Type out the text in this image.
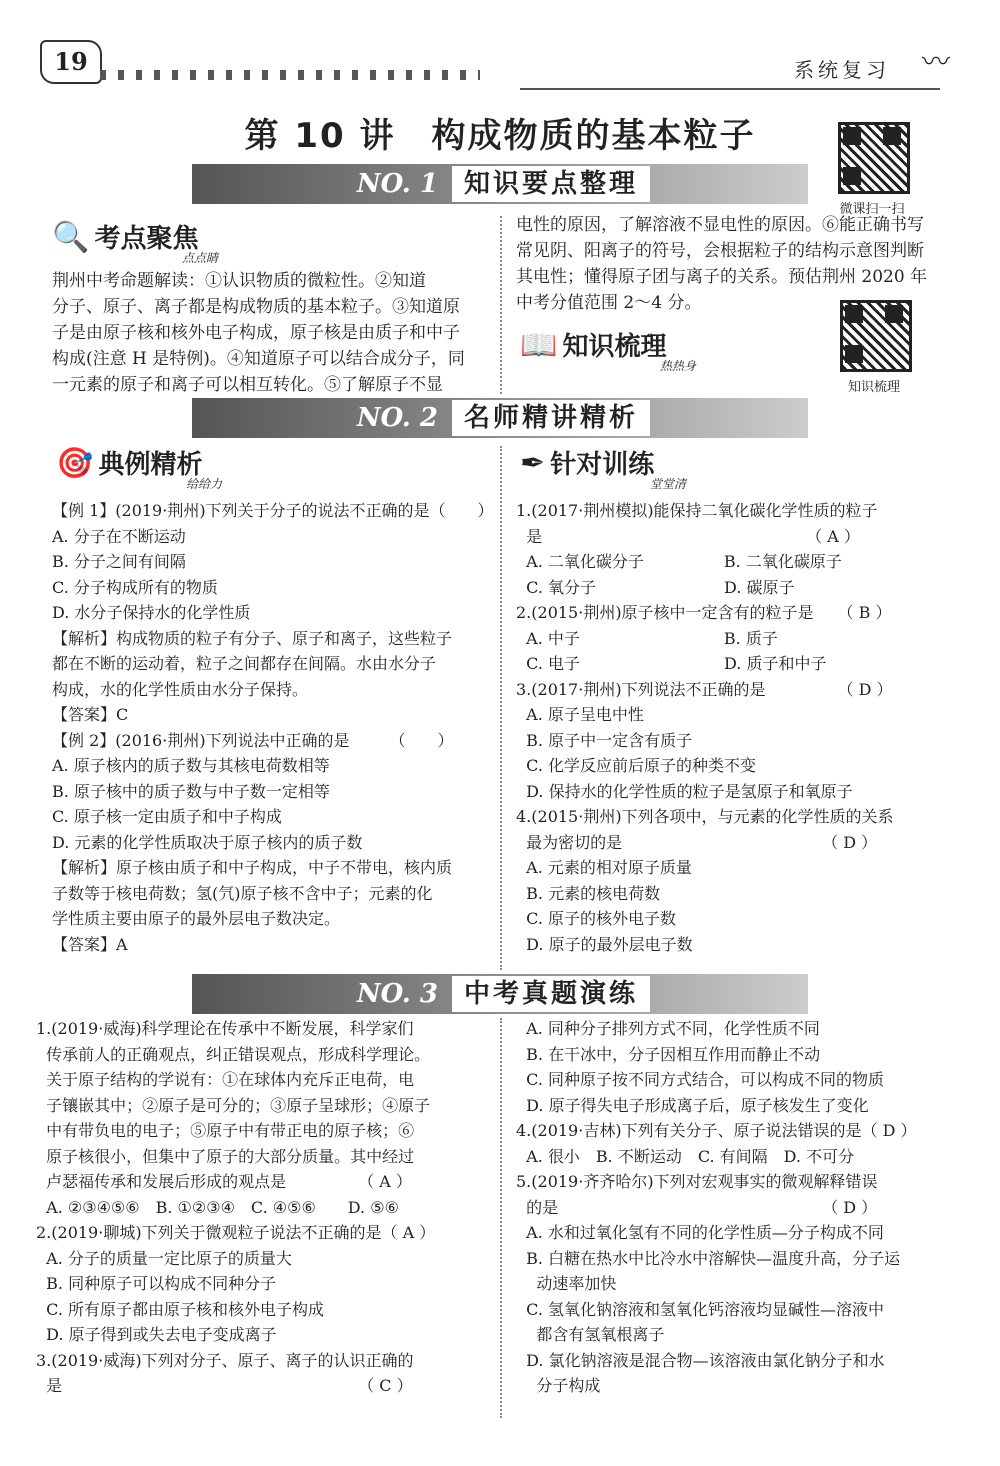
19	系统复习 〰
第 10 讲　构成物质的基本粒子
微课扫一扫
NO. 1	知识要点整理
🔍 考点聚焦
点点睛
荆州中考命题解读：①认识物质的微粒性。②知道
分子、原子、离子都是构成物质的基本粒子。③知道原
子是由原子核和核外电子构成，原子核是由质子和中子
构成(注意 H 是特例)。④知道原子可以结合成分子，同
一元素的原子和离子可以相互转化。⑤了解原子不显
电性的原因，了解溶液不显电性的原因。⑥能正确书写
常见阴、阳离子的符号，会根据粒子的结构示意图判断
其电性；懂得原子团与离子的关系。预估荆州 2020 年
中考分值范围 2～4 分。
📖 知识梳理
热热身
知识梳理
NO. 2	名师精讲精析
🎯 典例精析
给给力
【例 1】(2019·荆州)下列关于分子的说法不正确的是（　　）
A. 分子在不断运动
B. 分子之间有间隔
C. 分子构成所有的物质
D. 水分子保持水的化学性质
【解析】构成物质的粒子有分子、原子和离子，这些粒子
都在不断的运动着，粒子之间都存在间隔。水由水分子
构成，水的化学性质由水分子保持。
【答案】C
【例 2】(2016·荆州)下列说法中正确的是　　　（　　）
A. 原子核内的质子数与其核电荷数相等
B. 原子核中的质子数与中子数一定相等
C. 原子核一定由质子和中子构成
D. 元素的化学性质取决于原子核内的质子数
【解析】原子核由质子和中子构成，中子不带电，核内质
子数等于核电荷数；氢(氕)原子核不含中子；元素的化
学性质主要由原子的最外层电子数决定。
【答案】A
✒ 针对训练
堂堂清
1.(2017·荆州模拟)能保持二氧化碳化学性质的粒子
是　　　　　　　　　　　　　　　　　（ A ）
A. 二氧化碳分子　　　　　B. 二氧化碳原子
C. 氧分子　　　　　　　　D. 碳原子
2.(2015·荆州)原子核中一定含有的粒子是　　（ B ）
A. 中子　　　　　　　　　B. 质子
C. 电子　　　　　　　　　D. 质子和中子
3.(2017·荆州)下列说法不正确的是　　　　　（ D ）
A. 原子呈电中性
B. 原子中一定含有质子
C. 化学反应前后原子的种类不变
D. 保持水的化学性质的粒子是氢原子和氧原子
4.(2015·荆州)下列各项中，与元素的化学性质的关系
最为密切的是　　　　　　　　　　　　　（ D ）
A. 元素的相对原子质量
B. 元素的核电荷数
C. 原子的核外电子数
D. 原子的最外层电子数
NO. 3	中考真题演练
1.(2019·威海)科学理论在传承中不断发展，科学家们
传承前人的正确观点，纠正错误观点，形成科学理论。
关于原子结构的学说有：①在球体内充斥正电荷，电
子镶嵌其中；②原子是可分的；③原子呈球形；④原子
中有带负电的电子；⑤原子中有带正电的原子核；⑥
原子核很小，但集中了原子的大部分质量。其中经过
卢瑟福传承和发展后形成的观点是　　　　　（ A ）
A. ②③④⑤⑥　B. ①②③④　C. ④⑤⑥　　D. ⑤⑥
2.(2019·聊城)下列关于微观粒子说法不正确的是（ A ）
A. 分子的质量一定比原子的质量大
B. 同种原子可以构成不同种分子
C. 所有原子都由原子核和核外电子构成
D. 原子得到或失去电子变成离子
3.(2019·威海)下列对分子、原子、离子的认识正确的
是　　　　　　　　　　　　　　　　　　　（ C ）
A. 同种分子排列方式不同，化学性质不同
B. 在干冰中，分子因相互作用而静止不动
C. 同种原子按不同方式结合，可以构成不同的物质
D. 原子得失电子形成离子后，原子核发生了变化
4.(2019·吉林)下列有关分子、原子说法错误的是（ D ）
A. 很小　B. 不断运动　C. 有间隔　D. 不可分
5.(2019·齐齐哈尔)下列对宏观事实的微观解释错误
的是　　　　　　　　　　　　　　　　　（ D ）
A. 水和过氧化氢有不同的化学性质—分子构成不同
B. 白糖在热水中比冷水中溶解快—温度升高，分子运
动速率加快
C. 氢氧化钠溶液和氢氧化钙溶液均显碱性—溶液中
都含有氢氧根离子
D. 氯化钠溶液是混合物—该溶液由氯化钠分子和水
分子构成
